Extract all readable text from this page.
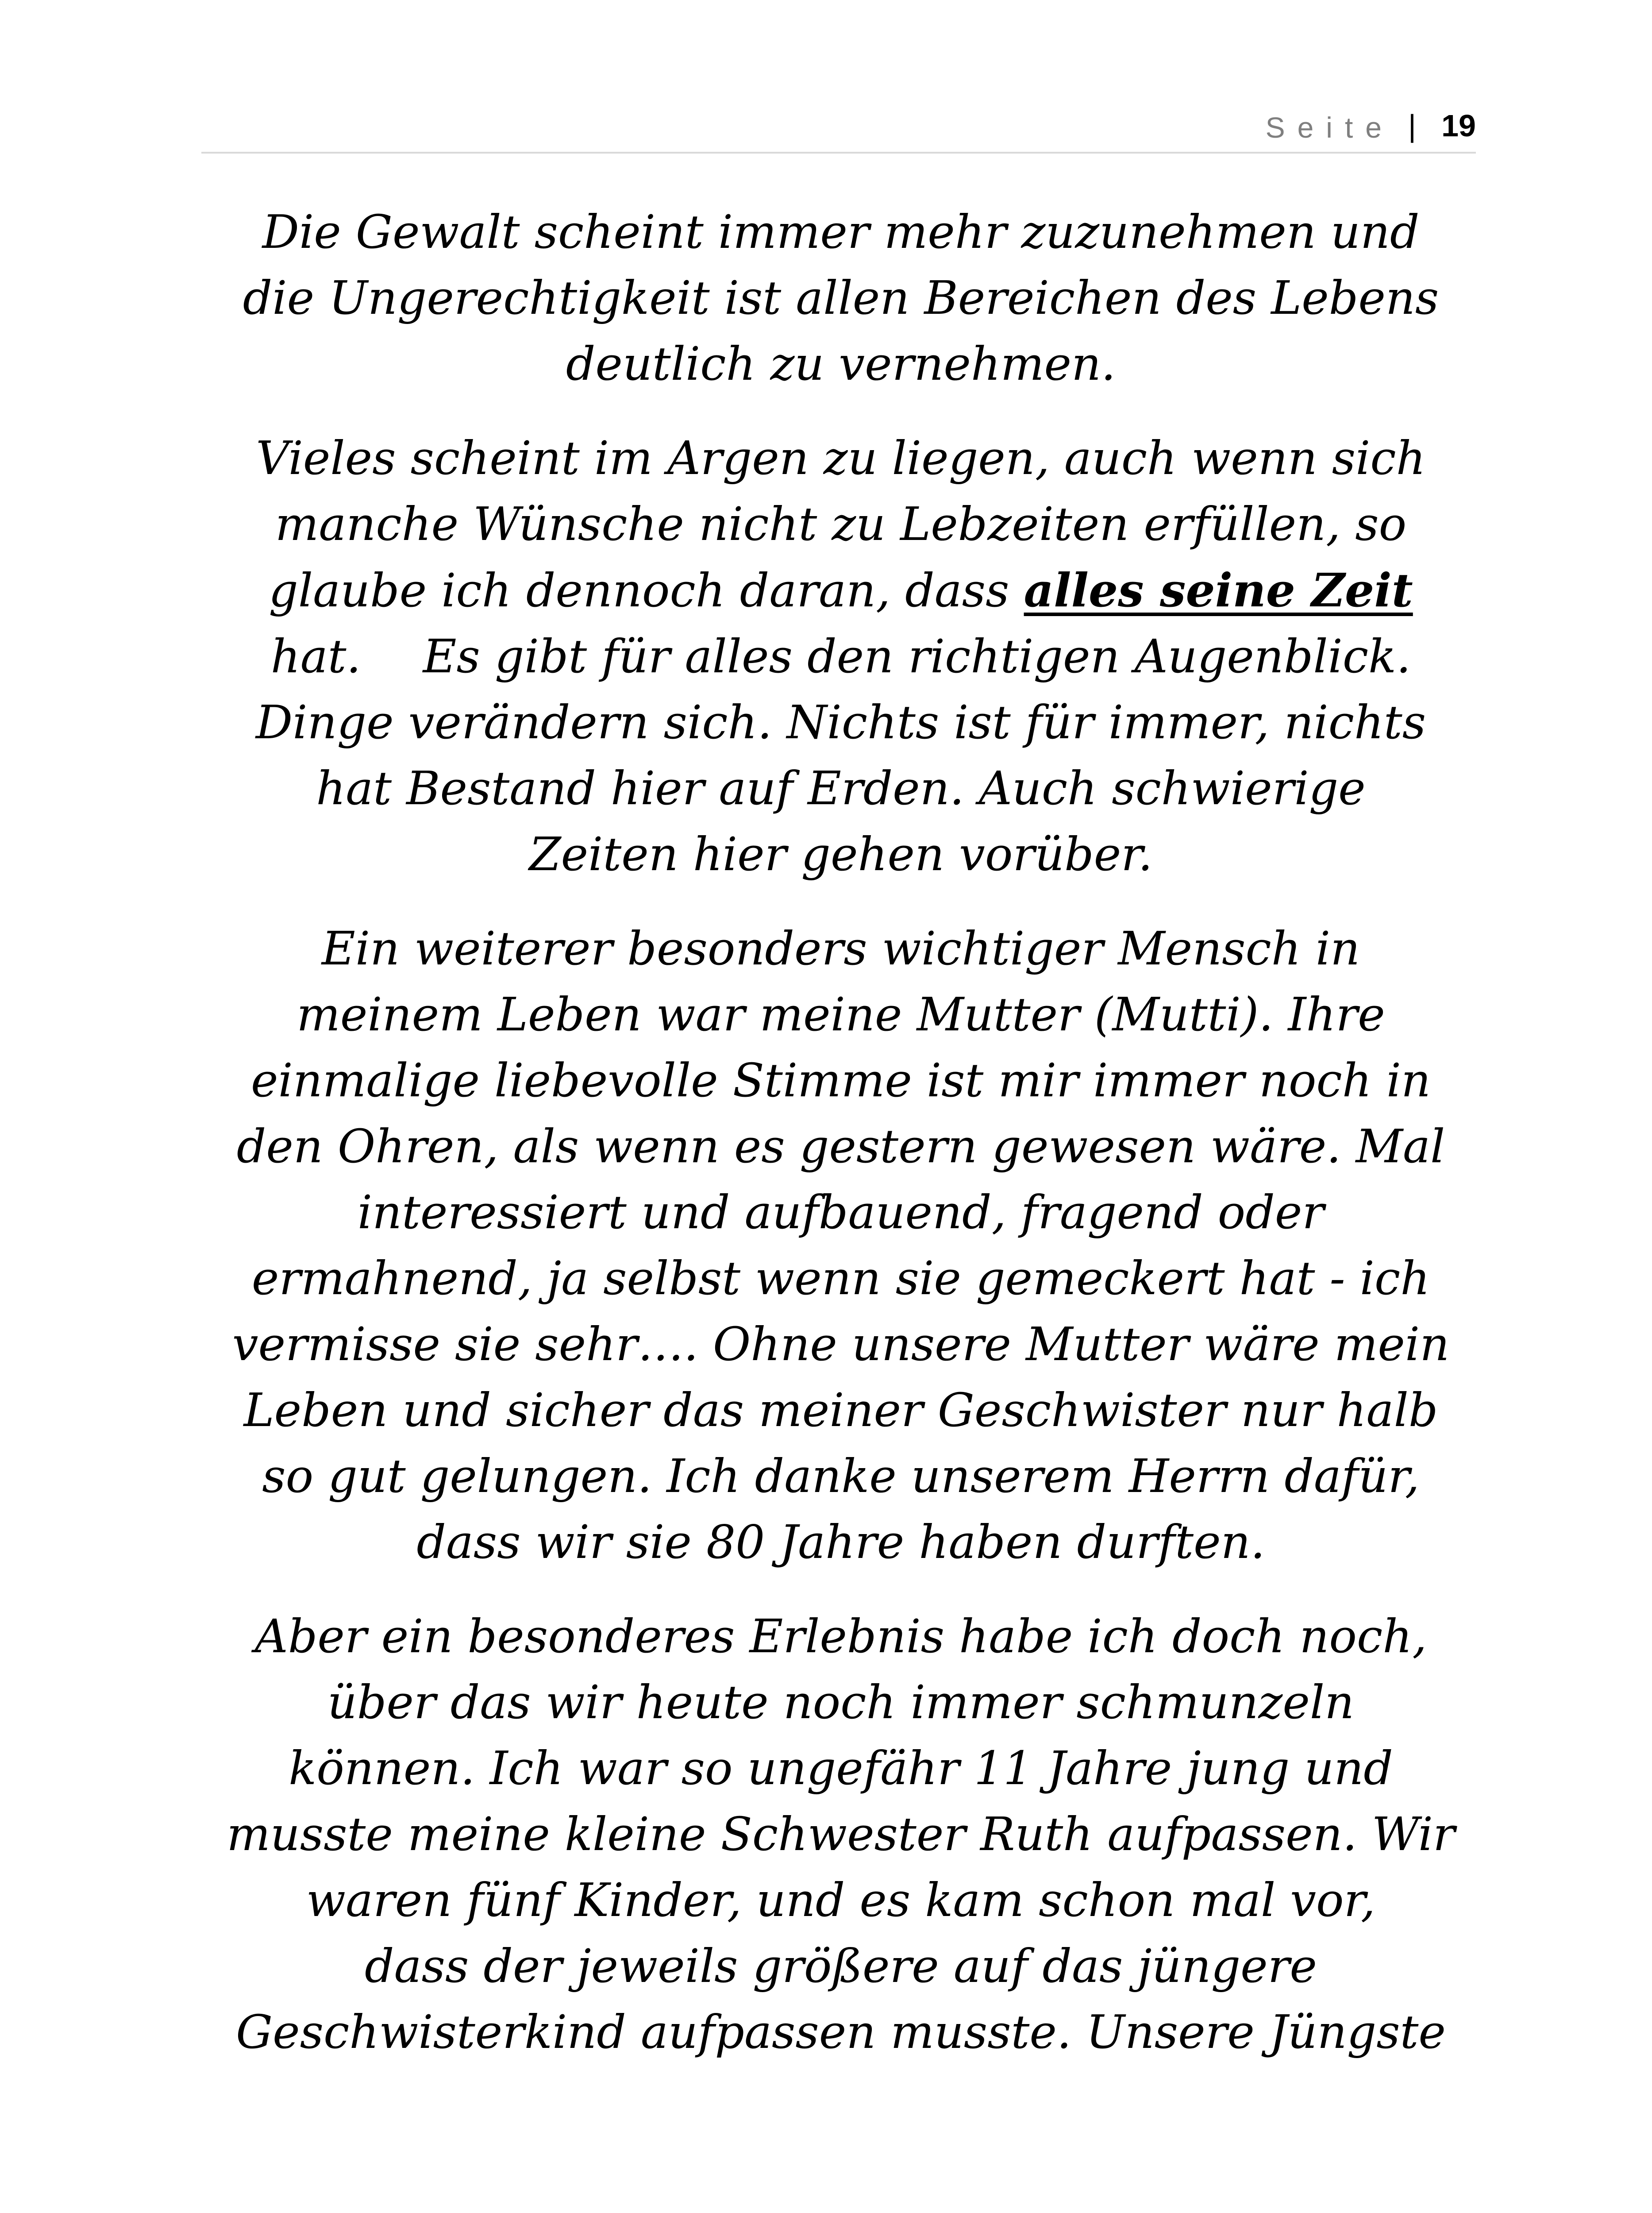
Seite | 19

Die Gewalt scheint immer mehr zuzunehmen und
die Ungerechtigkeit ist allen Bereichen des Lebens
deutlich zu vernehmen.

Vieles scheint im Argen zu liegen, auch wenn sich
manche Wünsche nicht zu Lebzeiten erfüllen, so
glaube ich dennoch daran, dass alles seine Zeit
hat. Es gibt für alles den richtigen Augenblick.
Dinge verändern sich. Nichts ist für immer, nichts
hat Bestand hier auf Erden. Auch schwierige
Zeiten hier gehen vorüber.

Ein weiterer besonders wichtiger Mensch in
meinem Leben war meine Mutter (Mutti). Ihre
einmalige liebevolle Stimme ist mir immer noch in
den Ohren, als wenn es gestern gewesen wäre. Mal
interessiert und aufbauend, fragend oder
ermahnend, ja selbst wenn sie gemeckert hat - ich
vermisse sie sehr…. Ohne unsere Mutter wäre mein
Leben und sicher das meiner Geschwister nur halb
so gut gelungen. Ich danke unserem Herrn dafür,
dass wir sie 80 Jahre haben durften.

Aber ein besonderes Erlebnis habe ich doch noch,
über das wir heute noch immer schmunzeln
können. Ich war so ungefähr 11 Jahre jung und
musste meine kleine Schwester Ruth aufpassen. Wir
waren fünf Kinder, und es kam schon mal vor,
dass der jeweils größere auf das jüngere
Geschwisterkind aufpassen musste. Unsere Jüngste
